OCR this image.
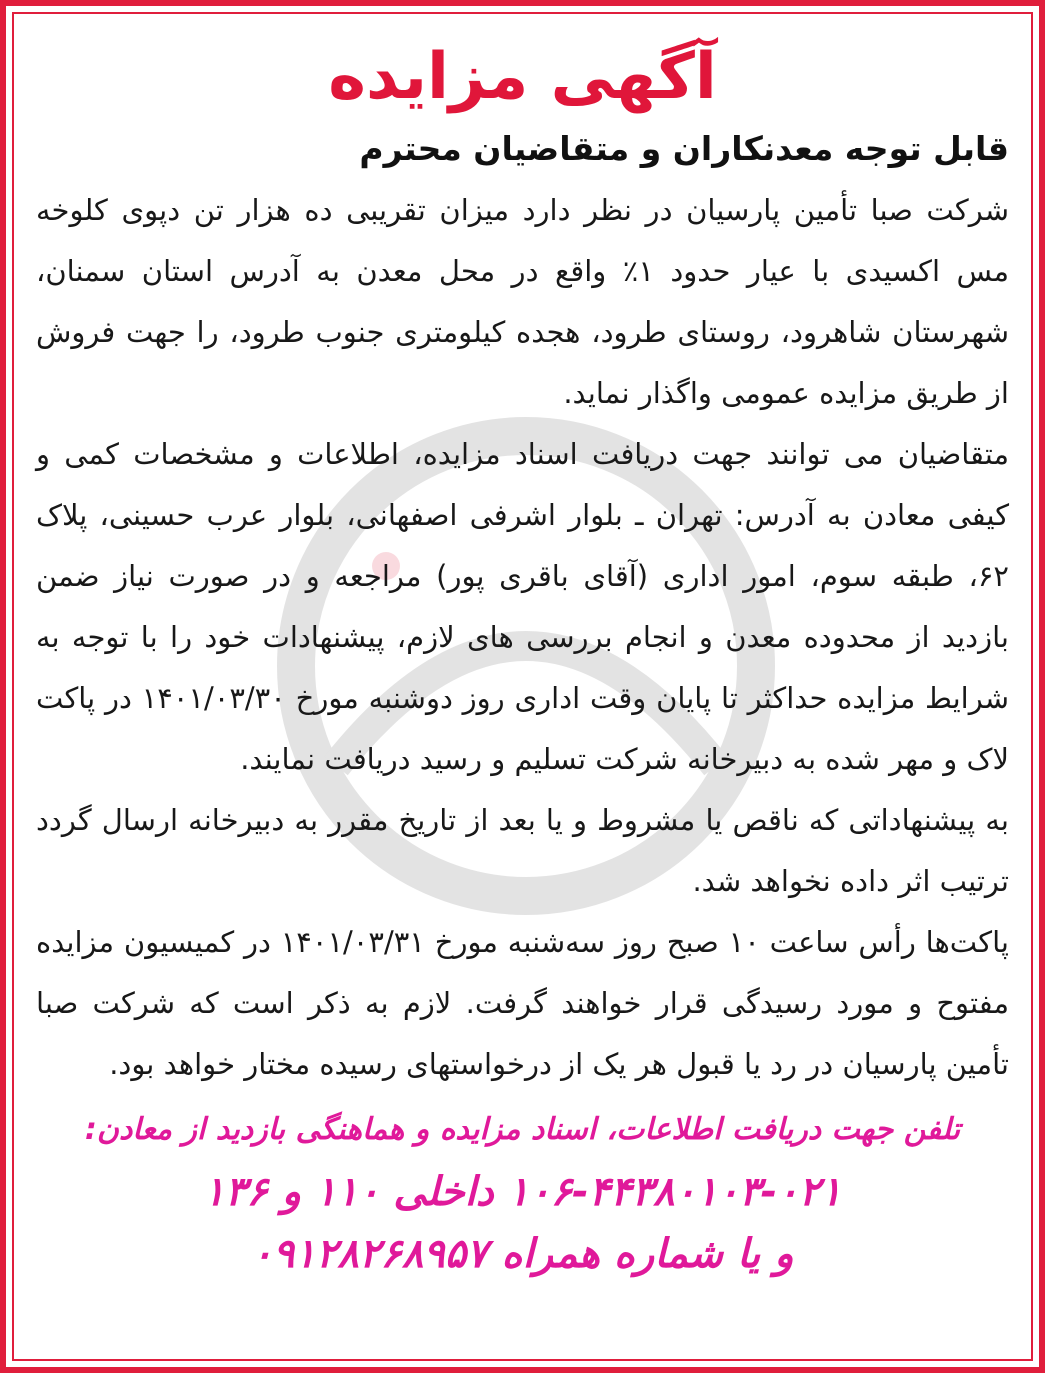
آگهی مزایده
قابل توجه معدنکاران و متقاضیان محترم

شرکت صبا تأمین پارسیان در نظر دارد میزان تقریبی ده هزار تن دپوی کلوخه مس اکسیدی با عیار حدود ۱٪ واقع در محل معدن به آدرس استان سمنان، شهرستان شاهرود، روستای طرود، هجده کیلومتری جنوب طرود، را جهت فروش از طریق مزایده عمومی واگذار نماید.

متقاضیان می توانند جهت دریافت اسناد مزایده، اطلاعات و مشخصات کمی و کیفی معادن به آدرس: تهران ـ بلوار اشرفی اصفهانی، بلوار عرب حسینی، پلاک ۶۲، طبقه سوم، امور اداری (آقای باقری پور) مراجعه و در صورت نیاز ضمن بازدید از محدوده معدن و انجام بررسی های لازم، پیشنهادات خود را با توجه به شرایط مزایده حداکثر تا پایان وقت اداری روز دوشنبه مورخ ۱۴۰۱/۰۳/۳۰ در پاکت لاک و مهر شده به دبیرخانه شرکت تسلیم و رسید دریافت نمایند.

به پیشنهاداتی که ناقص یا مشروط و یا بعد از تاریخ مقرر به دبیرخانه ارسال گردد ترتیب اثر داده نخواهد شد.

پاکت‌ها رأس ساعت ۱۰ صبح روز سه‌شنبه مورخ ۱۴۰۱/۰۳/۳۱ در کمیسیون مزایده مفتوح و مورد رسیدگی قرار خواهند گرفت. لازم به ذکر است که شرکت صبا تأمین پارسیان در رد یا قبول هر یک از درخواستهای رسیده مختار خواهد بود.

تلفن جهت دریافت اطلاعات، اسناد مزایده و هماهنگی بازدید از معادن:

۱۰۶-۴۴۳۸۰۱۰۳-۰۲۱ داخلی ۱۱۰ و ۱۳۶

و یا شماره همراه ۰۹۱۲۸۲۶۸۹۵۷
